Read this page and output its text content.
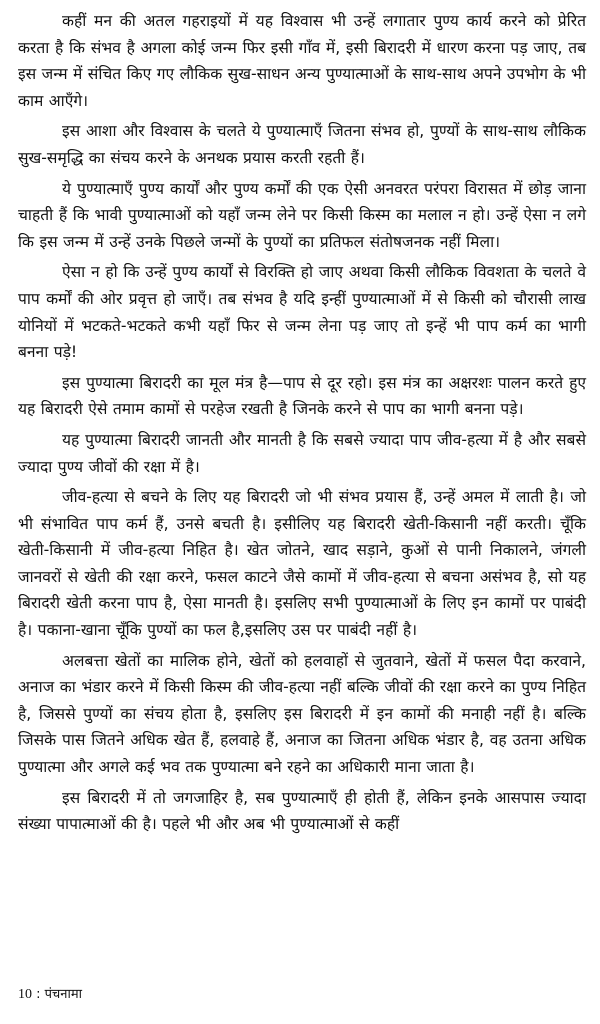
कहीं मन की अतल गहराइयों में यह विश्वास भी उन्हें लगातार पुण्य कार्य करने को प्रेरित करता है कि संभव है अगला कोई जन्म फिर इसी गाँव में, इसी बिरादरी में धारण करना पड़ जाए, तब इस जन्म में संचित किए गए लौकिक सुख-साधन अन्य पुण्यात्माओं के साथ-साथ अपने उपभोग के भी काम आएँगे।

इस आशा और विश्वास के चलते ये पुण्यात्माएँ जितना संभव हो, पुण्यों के साथ-साथ लौकिक सुख-समृद्धि का संचय करने के अनथक प्रयास करती रहती हैं।

ये पुण्यात्माएँ पुण्य कार्यों और पुण्य कर्मों की एक ऐसी अनवरत परंपरा विरासत में छोड़ जाना चाहती हैं कि भावी पुण्यात्माओं को यहाँ जन्म लेने पर किसी किस्म का मलाल न हो। उन्हें ऐसा न लगे कि इस जन्म में उन्हें उनके पिछले जन्मों के पुण्यों का प्रतिफल संतोषजनक नहीं मिला।

ऐसा न हो कि उन्हें पुण्य कार्यों से विरक्ति हो जाए अथवा किसी लौकिक विवशता के चलते वे पाप कर्मों की ओर प्रवृत्त हो जाएँ। तब संभव है यदि इन्हीं पुण्यात्माओं में से किसी को चौरासी लाख योनियों में भटकते-भटकते कभी यहाँ फिर से जन्म लेना पड़ जाए तो इन्हें भी पाप कर्म का भागी बनना पड़े!

इस पुण्यात्मा बिरादरी का मूल मंत्र है—पाप से दूर रहो। इस मंत्र का अक्षरशः पालन करते हुए यह बिरादरी ऐसे तमाम कामों से परहेज रखती है जिनके करने से पाप का भागी बनना पड़े।

यह पुण्यात्मा बिरादरी जानती और मानती है कि सबसे ज्यादा पाप जीव-हत्या में है और सबसे ज्यादा पुण्य जीवों की रक्षा में है।

जीव-हत्या से बचने के लिए यह बिरादरी जो भी संभव प्रयास हैं, उन्हें अमल में लाती है। जो भी संभावित पाप कर्म हैं, उनसे बचती है। इसीलिए यह बिरादरी खेती-किसानी नहीं करती। चूँकि खेती-किसानी में जीव-हत्या निहित है। खेत जोतने, खाद सड़ाने, कुओं से पानी निकालने, जंगली जानवरों से खेती की रक्षा करने, फसल काटने जैसे कामों में जीव-हत्या से बचना असंभव है, सो यह बिरादरी खेती करना पाप है, ऐसा मानती है। इसलिए सभी पुण्यात्माओं के लिए इन कामों पर पाबंदी है। पकाना-खाना चूँकि पुण्यों का फल है,इसलिए उस पर पाबंदी नहीं है।

अलबत्ता खेतों का मालिक होने, खेतों को हलवाहों से जुतवाने, खेतों में फसल पैदा करवाने, अनाज का भंडार करने में किसी किस्म की जीव-हत्या नहीं बल्कि जीवों की रक्षा करने का पुण्य निहित है, जिससे पुण्यों का संचय होता है, इसलिए इस बिरादरी में इन कामों की मनाही नहीं है। बल्कि जिसके पास जितने अधिक खेत हैं, हलवाहे हैं, अनाज का जितना अधिक भंडार है, वह उतना अधिक पुण्यात्मा और अगले कई भव तक पुण्यात्मा बने रहने का अधिकारी माना जाता है।

इस बिरादरी में तो जगजाहिर है, सब पुण्यात्माएँ ही होती हैं, लेकिन इनके आसपास ज्यादा संख्या पापात्माओं की है। पहले भी और अब भी पुण्यात्माओं से कहीं

10 : पंचनामा
